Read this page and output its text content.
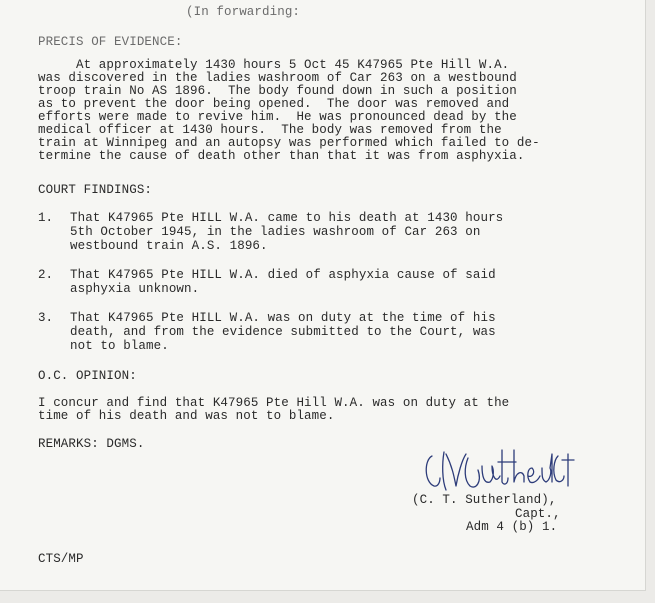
(In forwarding:
PRECIS OF EVIDENCE:
At approximately 1430 hours 5 Oct 45 K47965 Pte Hill W.A.
was discovered in the ladies washroom of Car 263 on a westbound
troop train No AS 1896.  The body found down in such a position
as to prevent the door being opened.  The door was removed and
efforts were made to revive him.  He was pronounced dead by the
medical officer at 1430 hours.  The body was removed from the
train at Winnipeg and an autopsy was performed which failed to de-
termine the cause of death other than that it was from asphyxia.
COURT FINDINGS:
1. That K47965 Pte HILL W.A. came to his death at 1430 hours
5th October 1945, in the ladies washroom of Car 263 on
westbound train A.S. 1896.
2. That K47965 Pte HILL W.A. died of asphyxia cause of said
asphyxia unknown.
3. That K47965 Pte HILL W.A. was on duty at the time of his
death, and from the evidence submitted to the Court, was
not to blame.
O.C. OPINION:
I concur and find that K47965 Pte Hill W.A. was on duty at the
time of his death and was not to blame.
REMARKS: DGMS.
(C. T. Sutherland),
Capt.,
Adm 4 (b) 1.
CTS/MP
